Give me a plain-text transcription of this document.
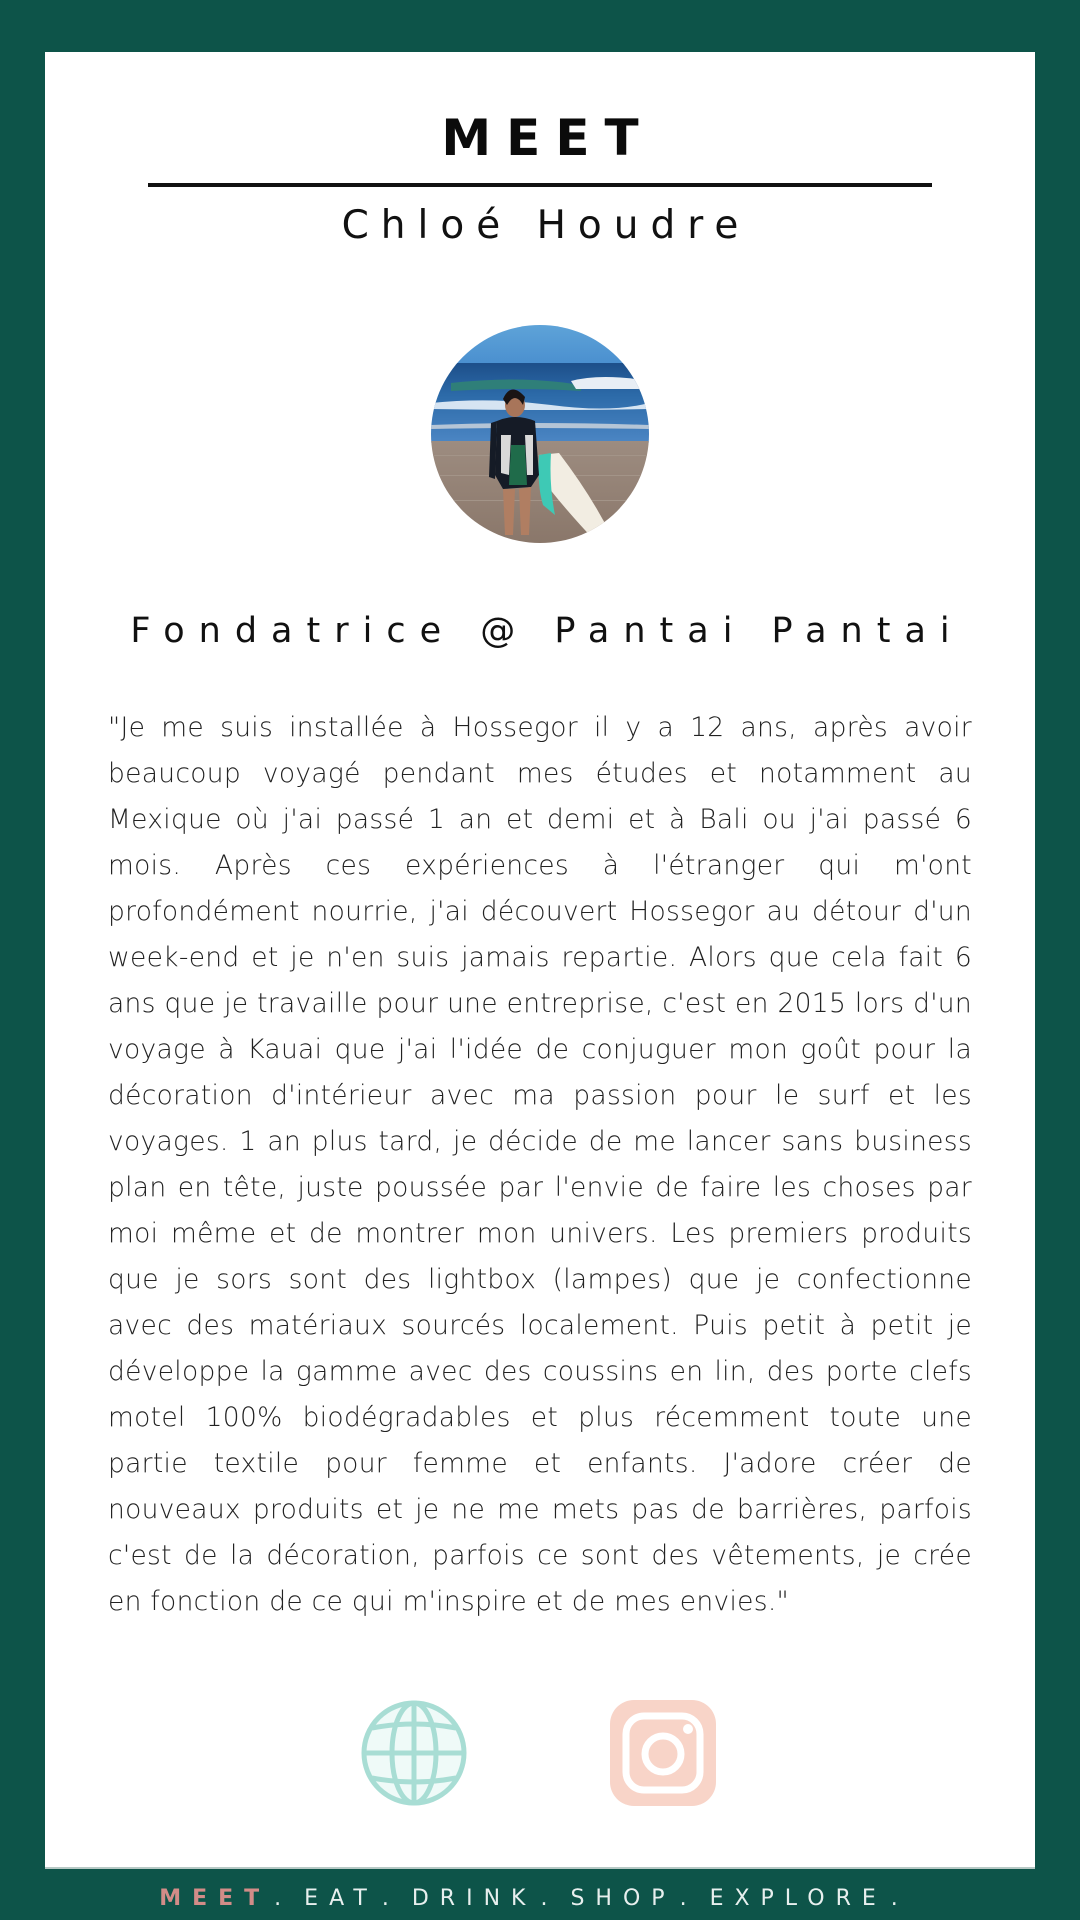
MEET
Chloé Houdre
Fondatrice @ Pantai Pantai
"Je me suis installée à Hossegor il y a 12 ans, après avoir beaucoup voyagé pendant mes études et notamment au Mexique où j'ai passé 1 an et demi et à Bali ou j'ai passé 6 mois. Après ces expériences à l'étranger qui m'ont profondément nourrie, j'ai découvert Hossegor au détour d'un week-end et je n'en suis jamais repartie. Alors que cela fait 6 ans que je travaille pour une entreprise, c'est en 2015 lors d'un voyage à Kauai que j'ai l'idée de conjuguer mon goût pour la décoration d'intérieur avec ma passion pour le surf et les voyages. 1 an plus tard, je décide de me lancer sans business plan en tête, juste poussée par l'envie de faire les choses par moi même et de montrer mon univers. Les premiers produits que je sors sont des lightbox (lampes) que je confectionne avec des matériaux sourcés localement. Puis petit à petit je développe la gamme avec des coussins en lin, des porte clefs motel 100% biodégradables et plus récemment toute une partie textile pour femme et enfants. J'adore créer de nouveaux produits et je ne me mets pas de barrières, parfois c'est de la décoration, parfois ce sont des vêtements, je crée en fonction de ce qui m'inspire et de mes envies."
MEET . EAT . DRINK . SHOP . EXPLORE .
